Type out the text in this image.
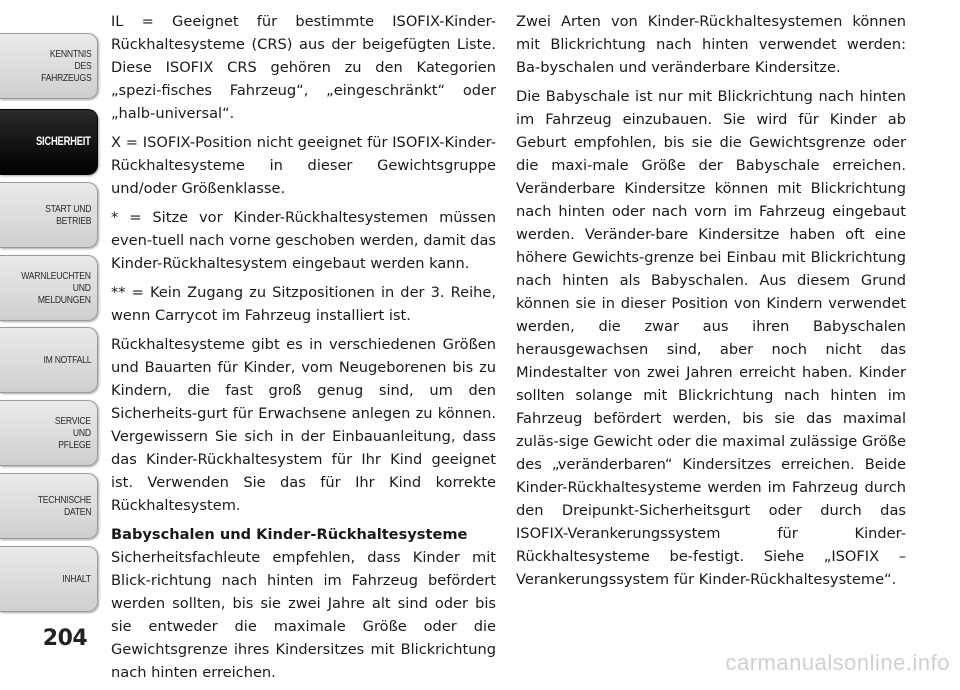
KENNTNIS
DES
FAHRZEUGS
SICHERHEIT
START UND
BETRIEB
WARNLEUCHTEN
UND
MELDUNGEN
IM NOTFALL
SERVICE
UND
PFLEGE
TECHNISCHE
DATEN
INHALT
204

IL = Geeignet für bestimmte ISOFIX-Kinder-Rückhaltesysteme (CRS) aus der beigefügten Liste. Diese ISOFIX CRS gehören zu den Kategorien „spezi-fisches Fahrzeug“, „eingeschränkt“ oder „halb-universal“.

X = ISOFIX-Position nicht geeignet für ISOFIX-Kinder-Rückhaltesysteme in dieser Gewichtsgruppe und/oder Größenklasse.

* = Sitze vor Kinder-Rückhaltesystemen müssen even-tuell nach vorne geschoben werden, damit das Kinder-Rückhaltesystem eingebaut werden kann.

** = Kein Zugang zu Sitzpositionen in der 3. Reihe, wenn Carrycot im Fahrzeug installiert ist.

Rückhaltesysteme gibt es in verschiedenen Größen und Bauarten für Kinder, vom Neugeborenen bis zu Kindern, die fast groß genug sind, um den Sicherheits-gurt für Erwachsene anlegen zu können. Vergewissern Sie sich in der Einbauanleitung, dass das Kinder-Rückhaltesystem für Ihr Kind geeignet ist. Verwenden Sie das für Ihr Kind korrekte Rückhaltesystem.

Babyschalen und Kinder-Rückhaltesysteme

Sicherheitsfachleute empfehlen, dass Kinder mit Blick-richtung nach hinten im Fahrzeug befördert werden sollten, bis sie zwei Jahre alt sind oder bis sie entweder die maximale Größe oder die Gewichtsgrenze ihres Kindersitzes mit Blickrichtung nach hinten erreichen.

Zwei Arten von Kinder-Rückhaltesystemen können mit Blickrichtung nach hinten verwendet werden: Ba-byschalen und veränderbare Kindersitze.

Die Babyschale ist nur mit Blickrichtung nach hinten im Fahrzeug einzubauen. Sie wird für Kinder ab Geburt empfohlen, bis sie die Gewichtsgrenze oder die maxi-male Größe der Babyschale erreichen. Veränderbare Kindersitze können mit Blickrichtung nach hinten oder nach vorn im Fahrzeug eingebaut werden. Veränder-bare Kindersitze haben oft eine höhere Gewichts-grenze bei Einbau mit Blickrichtung nach hinten als Babyschalen. Aus diesem Grund können sie in dieser Position von Kindern verwendet werden, die zwar aus ihren Babyschalen herausgewachsen sind, aber noch nicht das Mindestalter von zwei Jahren erreicht haben. Kinder sollten solange mit Blickrichtung nach hinten im Fahrzeug befördert werden, bis sie das maximal zuläs-sige Gewicht oder die maximal zulässige Größe des „veränderbaren“ Kindersitzes erreichen. Beide Kinder-Rückhaltesysteme werden im Fahrzeug durch den Dreipunkt-Sicherheitsgurt oder durch das ISOFIX-Verankerungssystem für Kinder-Rückhaltesysteme be-festigt. Siehe „ISOFIX – Verankerungssystem für Kinder-Rückhaltesysteme“.

carmanualsonline.info
